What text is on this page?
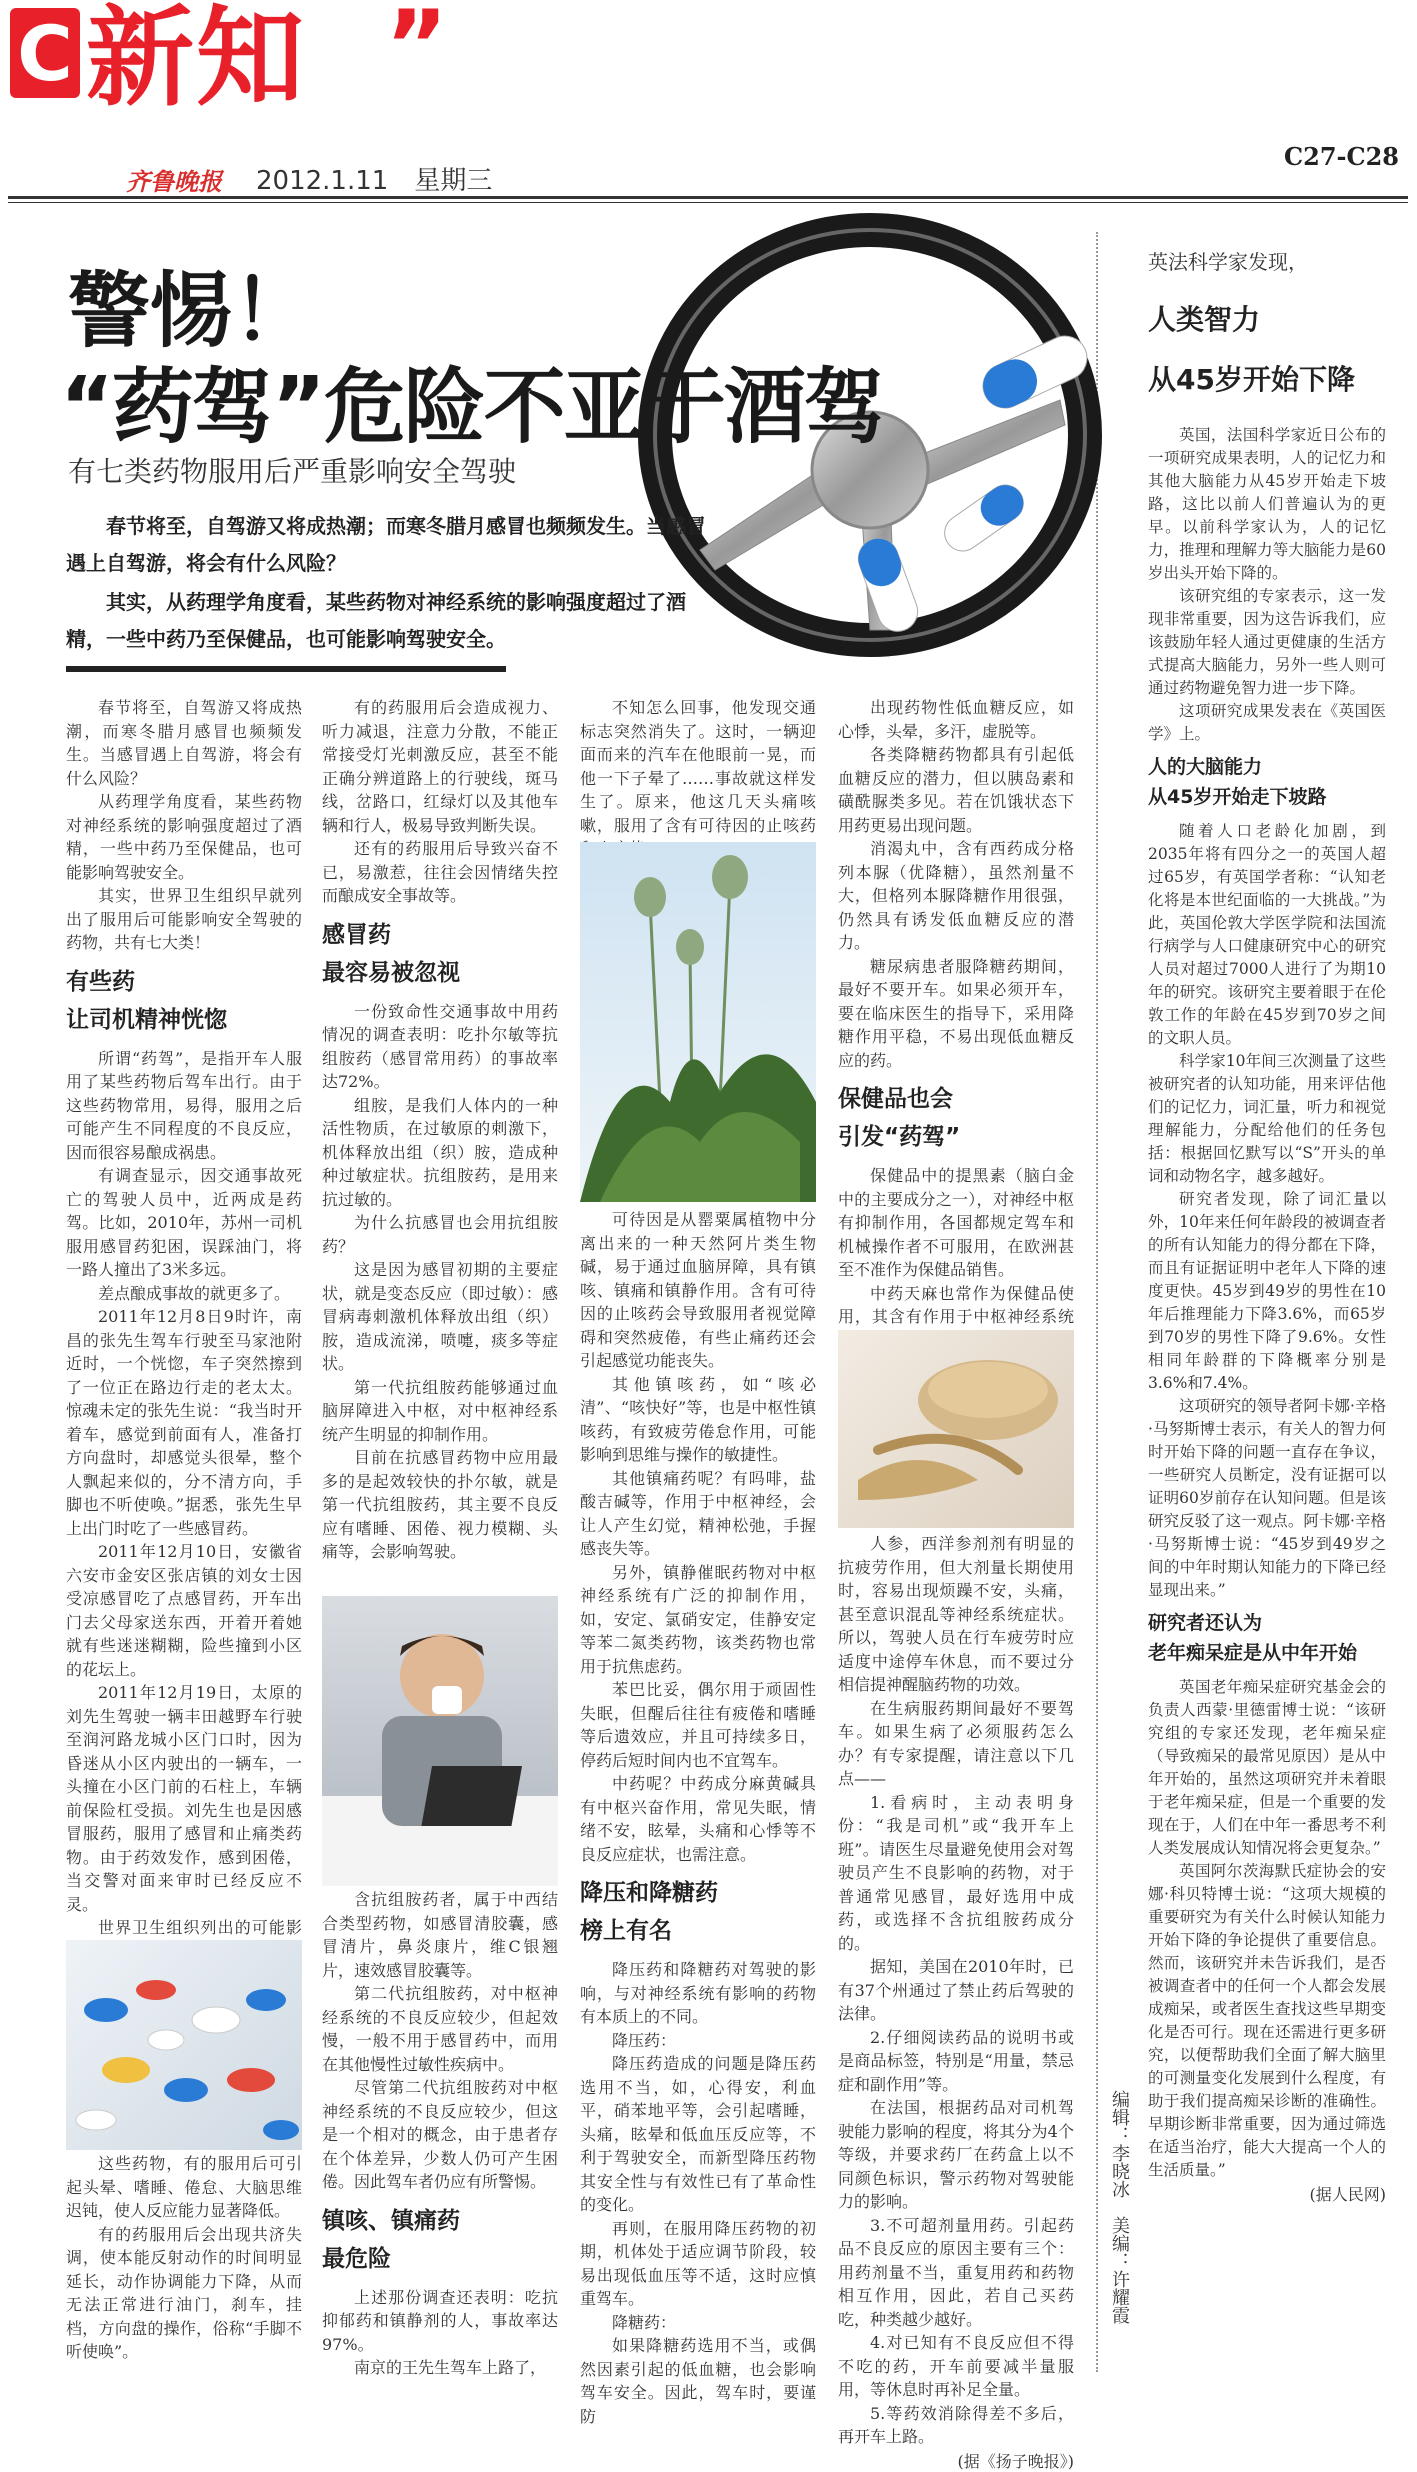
C 新知 ”
齐鲁晚报 2012.1.11　星期三
C27-C28
警惕！
“药驾”危险不亚于酒驾
有七类药物服用后严重影响安全驾驶
春节将至，自驾游又将成热潮；而寒冬腊月感冒也频频发生。当感冒遇上自驾游，将会有什么风险？
其实，从药理学角度看，某些药物对神经系统的影响强度超过了酒精，一些中药乃至保健品，也可能影响驾驶安全。

春节将至，自驾游又将成热潮，而寒冬腊月感冒也频频发生。当感冒遇上自驾游，将会有什么风险？

从药理学角度看，某些药物对神经系统的影响强度超过了酒精，一些中药乃至保健品，也可能影响驾驶安全。

其实，世界卫生组织早就列出了服用后可能影响安全驾驶的药物，共有七大类！

有些药
让司机精神恍惚

所谓“药驾”，是指开车人服用了某些药物后驾车出行。由于这些药物常用，易得，服用之后可能产生不同程度的不良反应，因而很容易酿成祸患。

有调查显示，因交通事故死亡的驾驶人员中，近两成是药驾。比如，2010年，苏州一司机服用感冒药犯困，误踩油门，将一路人撞出了3米多远。

差点酿成事故的就更多了。

2011年12月8日9时许，南昌的张先生驾车行驶至马家池附近时，一个恍惚，车子突然擦到了一位正在路边行走的老太太。惊魂未定的张先生说：“我当时开着车，感觉到前面有人，准备打方向盘时，却感觉头很晕，整个人飘起来似的，分不清方向，手脚也不听使唤。”据悉，张先生早上出门时吃了一些感冒药。

2011年12月10日，安徽省六安市金安区张店镇的刘女士因受凉感冒吃了点感冒药，开车出门去父母家送东西，开着开着她就有些迷迷糊糊，险些撞到小区的花坛上。

2011年12月19日，太原的刘先生驾驶一辆丰田越野车行驶至润河路龙城小区门口时，因为昏迷从小区内驶出的一辆车，一头撞在小区门前的石柱上，车辆前保险杠受损。刘先生也是因感冒服药，服用了感冒和止痛类药物。由于药效发作，感到困倦，当交警对面来审时已经反应不灵。

世界卫生组织列出的可能影

这些药物，有的服用后可引起头晕、嗜睡、倦怠、大脑思维迟钝，使人反应能力显著降低。

有的药服用后会出现共济失调，使本能反射动作的时间明显延长，动作协调能力下降，从而无法正常进行油门，刹车，挂档，方向盘的操作，俗称“手脚不听使唤”。

有的药服用后会造成视力、听力减退，注意力分散，不能正常接受灯光刺激反应，甚至不能正确分辨道路上的行驶线，斑马线，岔路口，红绿灯以及其他车辆和行人，极易导致判断失误。

还有的药服用后导致兴奋不已，易激惹，往往会因情绪失控而酿成安全事故等。

感冒药
最容易被忽视

一份致命性交通事故中用药情况的调查表明：吃扑尔敏等抗组胺药（感冒常用药）的事故率达72%。

组胺，是我们人体内的一种活性物质，在过敏原的刺激下，机体释放出组（织）胺，造成种种过敏症状。抗组胺药，是用来抗过敏的。

为什么抗感冒也会用抗组胺药？

这是因为感冒初期的主要症状，就是变态反应（即过敏）：感冒病毒刺激机体释放出组（织）胺，造成流涕，喷嚏，痰多等症状。

第一代抗组胺药能够通过血脑屏障进入中枢，对中枢神经系统产生明显的抑制作用。

目前在抗感冒药物中应用最多的是起效较快的扑尔敏，就是第一代抗组胺药，其主要不良反应有嗜睡、困倦、视力模糊、头痛等，会影响驾驶。

含抗组胺药者，属于中西结合类型药物，如感冒清胶囊，感冒清片，鼻炎康片，维C银翘片，速效感冒胶囊等。

第二代抗组胺药，对中枢神经系统的不良反应较少，但起效慢，一般不用于感冒药中，而用在其他慢性过敏性疾病中。

尽管第二代抗组胺药对中枢神经系统的不良反应较少，但这是一个相对的概念，由于患者存在个体差异，少数人仍可产生困倦。因此驾车者仍应有所警惕。

镇咳、镇痛药
最危险

上述那份调查还表明：吃抗抑郁药和镇静剂的人，事故率达97%。

南京的王先生驾车上路了，

不知怎么回事，他发现交通标志突然消失了。这时，一辆迎面而来的汽车在他眼前一晃，而他一下子晕了……事故就这样发生了。原来，他这几天头痛咳嗽，服用了含有可待因的止咳药

可待因是从罂粟属植物中分离出来的一种天然阿片类生物碱，易于通过血脑屏障，具有镇咳、镇痛和镇静作用。含有可待因的止咳药会导致服用者视觉障碍和突然疲倦，有些止痛药还会引起感觉功能丧失。

其他镇咳药，如“咳必清”、“咳快好”等，也是中枢性镇咳药，有致疲劳倦怠作用，可能影响到思维与操作的敏捷性。

其他镇痛药呢？有吗啡，盐酸吉碱等，作用于中枢神经，会让人产生幻觉，精神松弛，手握感丧失等。

另外，镇静催眠药物对中枢神经系统有广泛的抑制作用，如，安定、氯硝安定，佳静安定等苯二氮类药物，该类药物也常用于抗焦虑药。

苯巴比妥，偶尔用于顽固性失眠，但醒后往往有疲倦和嗜睡等后遗效应，并且可持续多日，停药后短时间内也不宜驾车。

中药呢？中药成分麻黄碱具有中枢兴奋作用，常见失眠，情绪不安，眩晕，头痛和心悸等不良反应症状，也需注意。

降压和降糖药
榜上有名

降压药和降糖药对驾驶的影响，与对神经系统有影响的药物有本质上的不同。

降压药：

降压药造成的问题是降压药选用不当，如，心得安，利血平，硝苯地平等，会引起嗜睡，头痛，眩晕和低血压反应等，不利于驾驶安全，而新型降压药物其安全性与有效性已有了革命性的变化。

再则，在服用降压药物的初期，机体处于适应调节阶段，较易出现低血压等不适，这时应慎重驾车。

降糖药：

如果降糖药选用不当，或偶然因素引起的低血糖，也会影响驾车安全。因此，驾车时，要谨防

出现药物性低血糖反应，如心悸，头晕，多汗，虚脱等。

各类降糖药物都具有引起低血糖反应的潜力，但以胰岛素和磺酰脲类多见。若在饥饿状态下用药更易出现问题。

消渴丸中，含有西药成分格列本脲（优降糖），虽然剂量不大，但格列本脲降糖作用很强，仍然具有诱发低血糖反应的潜力。

糖尿病患者服降糖药期间，最好不要开车。如果必须开车，要在临床医生的指导下，采用降糖作用平稳，不易出现低血糖反应的药。

保健品也会
引发“药驾”

保健品中的提黑素（脑白金中的主要成分之一），对神经中枢有抑制作用，各国都规定驾车和机械操作者不可服用，在欧洲甚至不准作为保健品销售。

中药天麻也常作为保健品使用，其含有作用于中枢神经系统

人参，西洋参剂剂有明显的抗疲劳作用，但大剂量长期使用时，容易出现烦躁不安，头痛，甚至意识混乱等神经系统症状。所以，驾驶人员在行车疲劳时应适度中途停车休息，而不要过分相信提神醒脑药物的功效。

在生病服药期间最好不要驾车。如果生病了必须服药怎么办？有专家提醒，请注意以下几点——

1.看病时，主动表明身份：“我是司机”或“我开车上班”。请医生尽量避免使用会对驾驶员产生不良影响的药物，对于普通常见感冒，最好选用中成药，或选择不含抗组胺药成分的。

据知，美国在2010年时，已有37个州通过了禁止药后驾驶的法律。

2.仔细阅读药品的说明书或是商品标签，特别是“用量，禁忌症和副作用”等。

在法国，根据药品对司机驾驶能力影响的程度，将其分为4个等级，并要求药厂在药盒上以不同颜色标识，警示药物对驾驶能力的影响。

3.不可超剂量用药。引起药品不良反应的原因主要有三个：用药剂量不当，重复用药和药物相互作用，因此，若自己买药吃，种类越少越好。

4.对已知有不良反应但不得不吃的药，开车前要减半量服用，等休息时再补足全量。

5.等药效消除得差不多后，再开车上路。

(据《扬子晚报》)

编辑：李晓冰　美编：许耀霞
英法科学家发现，
人类智力
从45岁开始下降

英国，法国科学家近日公布的一项研究成果表明，人的记忆力和其他大脑能力从45岁开始走下坡路，这比以前人们普遍认为的更早。以前科学家认为，人的记忆力，推理和理解力等大脑能力是60岁出头开始下降的。

该研究组的专家表示，这一发现非常重要，因为这告诉我们，应该鼓励年轻人通过更健康的生活方式提高大脑能力，另外一些人则可通过药物避免智力进一步下降。

这项研究成果发表在《英国医学》上。

人的大脑能力
从45岁开始走下坡路

随着人口老龄化加剧，到2035年将有四分之一的英国人超过65岁，有英国学者称：“认知老化将是本世纪面临的一大挑战。”为此，英国伦敦大学医学院和法国流行病学与人口健康研究中心的研究人员对超过7000人进行了为期10年的研究。该研究主要着眼于在伦敦工作的年龄在45岁到70岁之间的文职人员。

科学家10年间三次测量了这些被研究者的认知功能，用来评估他们的记忆力，词汇量，听力和视觉理解能力，分配给他们的任务包括：根据回忆默写以“S”开头的单词和动物名字，越多越好。

研究者发现，除了词汇量以外，10年来任何年龄段的被调查者的所有认知能力的得分都在下降，而且有证据证明中老年人下降的速度更快。45岁到49岁的男性在10年后推理能力下降3.6%，而65岁到70岁的男性下降了9.6%。女性相同年龄群的下降概率分别是3.6%和7.4%。

这项研究的领导者阿卡娜·辛格·马努斯博士表示，有关人的智力何时开始下降的问题一直存在争议，一些研究人员断定，没有证据可以证明60岁前存在认知问题。但是该研究反驳了这一观点。阿卡娜·辛格·马努斯博士说：“45岁到49岁之间的中年时期认知能力的下降已经显现出来。”

研究者还认为
老年痴呆症是从中年开始

英国老年痴呆症研究基金会的负责人西蒙·里德雷博士说：“该研究组的专家还发现，老年痴呆症（导致痴呆的最常见原因）是从中年开始的，虽然这项研究并未着眼于老年痴呆症，但是一个重要的发现在于，人们在中年一番思考不利人类发展成认知情况将会更复杂。”

英国阿尔茨海默氏症协会的安娜·科贝特博士说：“这项大规模的重要研究为有关什么时候认知能力开始下降的争论提供了重要信息。然而，该研究并未告诉我们，是否被调查者中的任何一个人都会发展成痴呆，或者医生查找这些早期变化是否可行。现在还需进行更多研究，以便帮助我们全面了解大脑里的可测量变化发展到什么程度，有助于我们提高痴呆诊断的准确性。早期诊断非常重要，因为通过筛选在适当治疗，能大大提高一个人的生活质量。”

(据人民网)
